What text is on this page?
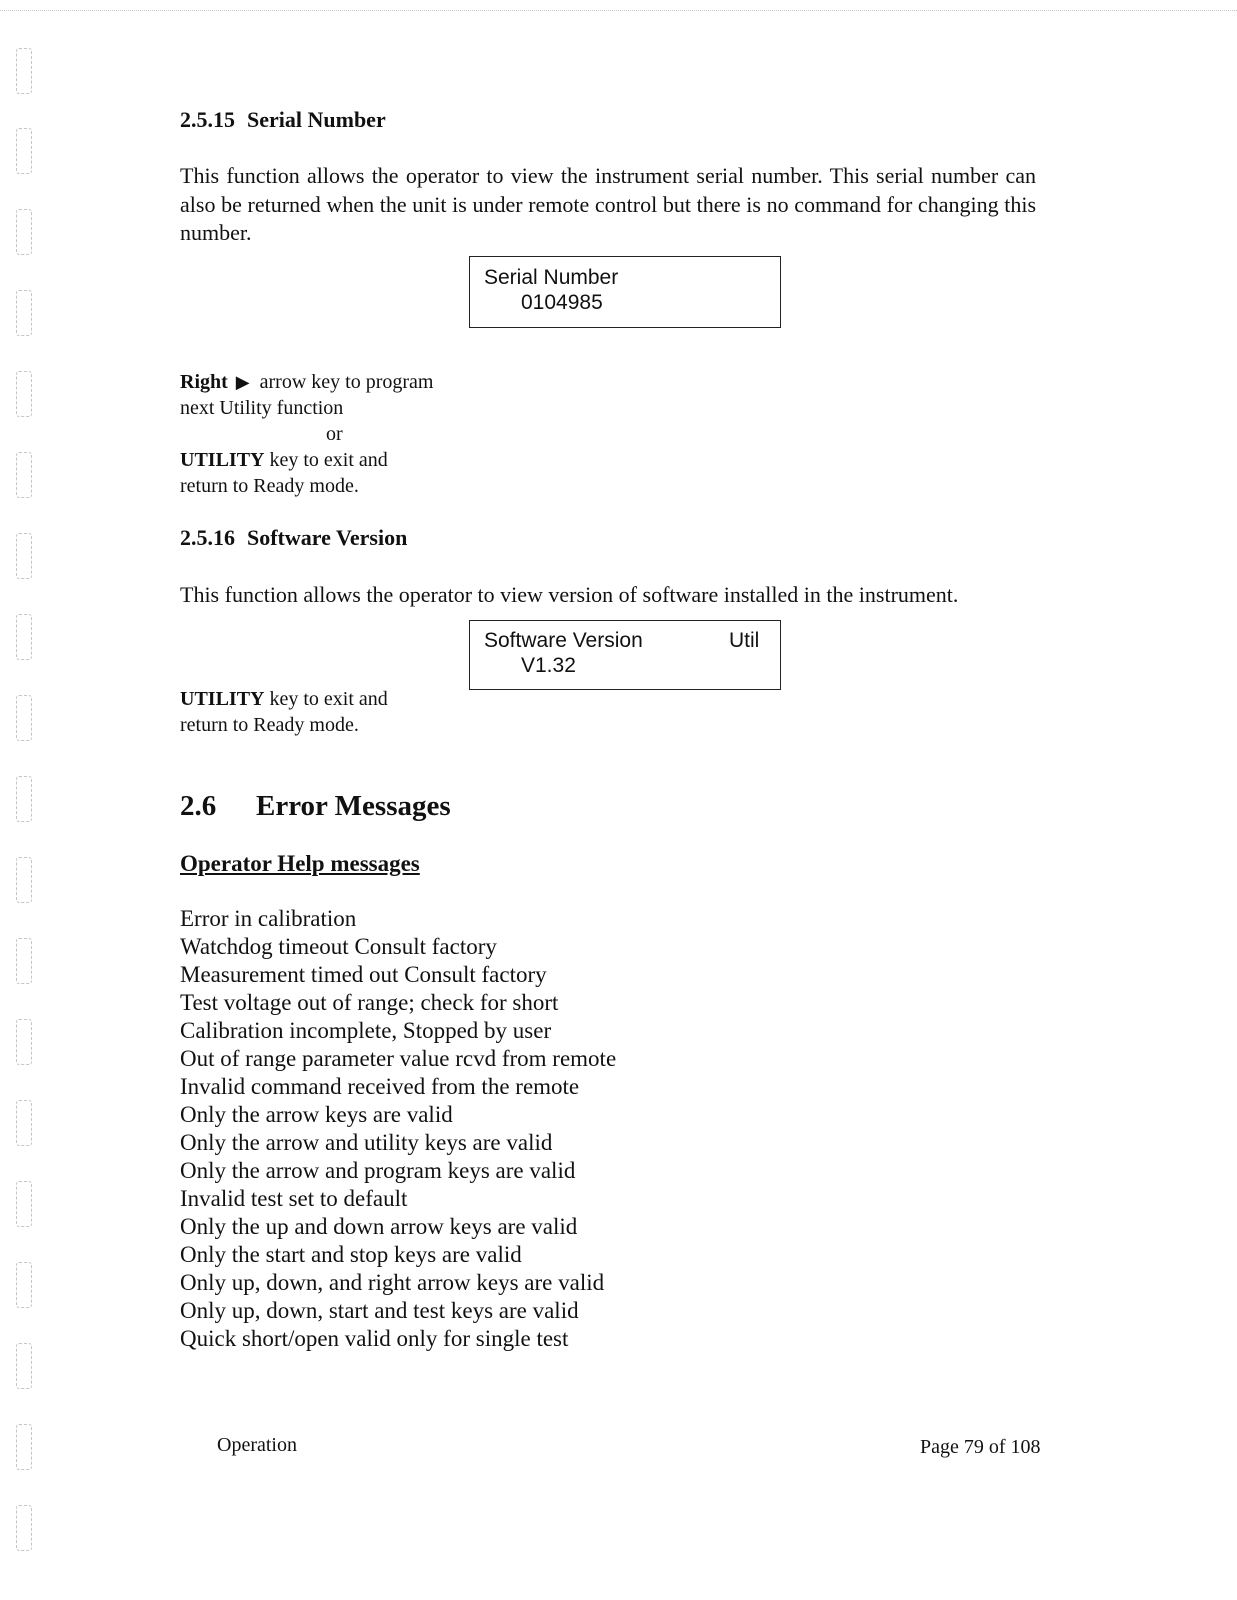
2.5.15 Serial Number

This function allows the operator to view the instrument serial number. This serial number can also be returned when the unit is under remote control but there is no command for changing this number.

Serial Number
0104985
Right ▶ arrow key to program
next Utility function
or
UTILITY key to exit and
return to Ready mode.
2.5.16 Software Version

This function allows the operator to view version of software installed in the instrument.

Software Version	Util
V1.32
UTILITY key to exit and
return to Ready mode.
2.6 Error Messages
Operator Help messages
Error in calibration
Watchdog timeout Consult factory
Measurement timed out Consult factory
Test voltage out of range; check for short
Calibration incomplete, Stopped by user
Out of range parameter value rcvd from remote
Invalid command received from the remote
Only the arrow keys are valid
Only the arrow and utility keys are valid
Only the arrow and program keys are valid
Invalid test set to default
Only the up and down arrow keys are valid
Only the start and stop keys are valid
Only up, down, and right arrow keys are valid
Only up, down, start and test keys are valid
Quick short/open valid only for single test
Operation	Page 79 of 108
